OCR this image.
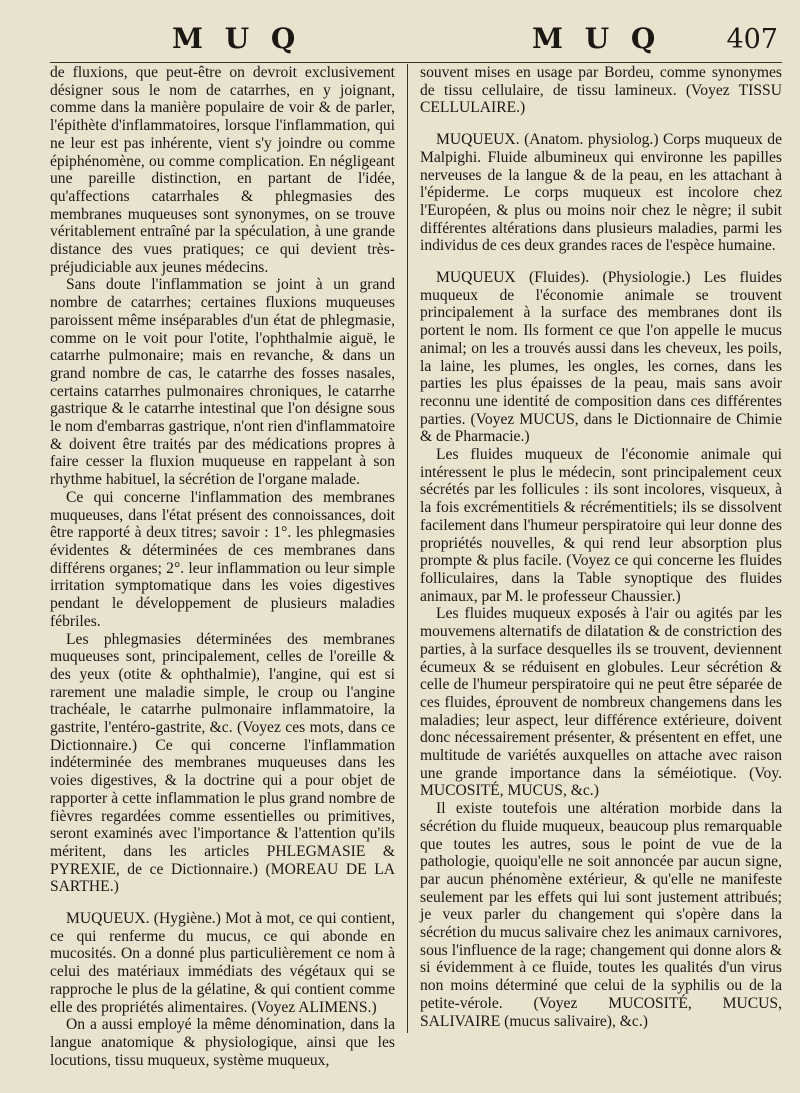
M U Q	M U Q 407

de fluxions, que peut-être on devroit exclusivement désigner sous le nom de catarrhes, en y joignant, comme dans la manière populaire de voir & de parler, l'épithète d'inflammatoires, lorsque l'inflammation, qui ne leur est pas inhérente, vient s'y joindre ou comme épiphénomène, ou comme complication. En négligeant une pareille distinction, en partant de l'idée, qu'affections catarrhales & phlegmasies des membranes muqueuses sont synonymes, on se trouve véritablement entraîné par la spéculation, à une grande distance des vues pratiques; ce qui devient très-préjudiciable aux jeunes médecins.

Sans doute l'inflammation se joint à un grand nombre de catarrhes; certaines fluxions muqueuses paroissent même inséparables d'un état de phlegmasie, comme on le voit pour l'otite, l'ophthalmie aiguë, le catarrhe pulmonaire; mais en revanche, & dans un grand nombre de cas, le catarrhe des fosses nasales, certains catarrhes pulmonaires chroniques, le catarrhe gastrique & le catarrhe intestinal que l'on désigne sous le nom d'embarras gastrique, n'ont rien d'inflammatoire & doivent être traités par des médications propres à faire cesser la fluxion muqueuse en rappelant à son rhythme habituel, la sécrétion de l'organe malade.

Ce qui concerne l'inflammation des membranes muqueuses, dans l'état présent des connoissances, doit être rapporté à deux titres; savoir : 1°. les phlegmasies évidentes & déterminées de ces membranes dans différens organes; 2°. leur inflammation ou leur simple irritation symptomatique dans les voies digestives pendant le développement de plusieurs maladies fébriles.

Les phlegmasies déterminées des membranes muqueuses sont, principalement, celles de l'oreille & des yeux (otite & ophthalmie), l'angine, qui est si rarement une maladie simple, le croup ou l'angine trachéale, le catarrhe pulmonaire inflammatoire, la gastrite, l'entéro-gastrite, &c. (Voyez ces mots, dans ce Dictionnaire.) Ce qui concerne l'inflammation indéterminée des membranes muqueuses dans les voies digestives, & la doctrine qui a pour objet de rapporter à cette inflammation le plus grand nombre de fièvres regardées comme essentielles ou primitives, seront examinés avec l'importance & l'attention qu'ils méritent, dans les articles PHLEGMASIE & PYREXIE, de ce Dictionnaire.) (MOREAU DE LA SARTHE.)

MUQUEUX. (Hygiène.) Mot à mot, ce qui contient, ce qui renferme du mucus, ce qui abonde en mucosités. On a donné plus particulièrement ce nom à celui des matériaux immédiats des végétaux qui se rapproche le plus de la gélatine, & qui contient comme elle des propriétés alimentaires. (Voyez ALIMENS.)

On a aussi employé la même dénomination, dans la langue anatomique & physiologique, ainsi que les locutions, tissu muqueux, système muqueux,

souvent mises en usage par Bordeu, comme synonymes de tissu cellulaire, de tissu lamineux. (Voyez TISSU CELLULAIRE.)

MUQUEUX. (Anatom. physiolog.) Corps muqueux de Malpighi. Fluide albumineux qui environne les papilles nerveuses de la langue & de la peau, en les attachant à l'épiderme. Le corps muqueux est incolore chez l'Européen, & plus ou moins noir chez le nègre; il subit différentes altérations dans plusieurs maladies, parmi les individus de ces deux grandes races de l'espèce humaine.

MUQUEUX (Fluides). (Physiologie.) Les fluides muqueux de l'économie animale se trouvent principalement à la surface des membranes dont ils portent le nom. Ils forment ce que l'on appelle le mucus animal; on les a trouvés aussi dans les cheveux, les poils, la laine, les plumes, les ongles, les cornes, dans les parties les plus épaisses de la peau, mais sans avoir reconnu une identité de composition dans ces différentes parties. (Voyez MUCUS, dans le Dictionnaire de Chimie & de Pharmacie.)

Les fluides muqueux de l'économie animale qui intéressent le plus le médecin, sont principalement ceux sécrétés par les follicules : ils sont incolores, visqueux, à la fois excrémentitiels & récrémentitiels; ils se dissolvent facilement dans l'humeur perspiratoire qui leur donne des propriétés nouvelles, & qui rend leur absorption plus prompte & plus facile. (Voyez ce qui concerne les fluides folliculaires, dans la Table synoptique des fluides animaux, par M. le professeur Chaussier.)

Les fluides muqueux exposés à l'air ou agités par les mouvemens alternatifs de dilatation & de constriction des parties, à la surface desquelles ils se trouvent, deviennent écumeux & se réduisent en globules. Leur sécrétion & celle de l'humeur perspiratoire qui ne peut être séparée de ces fluides, éprouvent de nombreux changemens dans les maladies; leur aspect, leur différence extérieure, doivent donc nécessairement présenter, & présentent en effet, une multitude de variétés auxquelles on attache avec raison une grande importance dans la séméiotique. (Voy. MUCOSITÉ, MUCUS, &c.)

Il existe toutefois une altération morbide dans la sécrétion du fluide muqueux, beaucoup plus remarquable que toutes les autres, sous le point de vue de la pathologie, quoiqu'elle ne soit annoncée par aucun signe, par aucun phénomène extérieur, & qu'elle ne manifeste seulement par les effets qui lui sont justement attribués; je veux parler du changement qui s'opère dans la sécrétion du mucus salivaire chez les animaux carnivores, sous l'influence de la rage; changement qui donne alors & si évidemment à ce fluide, toutes les qualités d'un virus non moins déterminé que celui de la syphilis ou de la petite-vérole. (Voyez MUCOSITÉ, MUCUS, SALIVAIRE (mucus salivaire), &c.)
